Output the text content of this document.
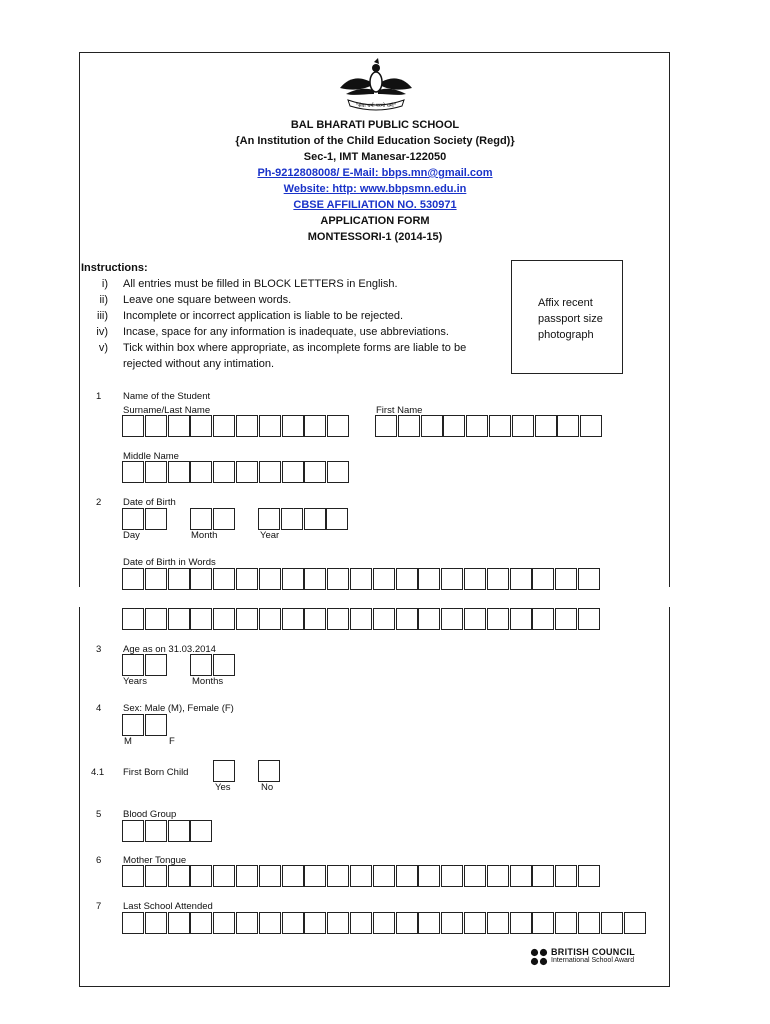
"सेवा धर्मः परमो धर्मः"
BAL BHARATI PUBLIC SCHOOL
{An Institution of the Child Education Society (Regd)}
Sec-1, IMT Manesar-122050
Ph-9212808008/ E-Mail: bbps.mn@gmail.com
Website: http: www.bbpsmn.edu.in
CBSE AFFILIATION NO. 530971
APPLICATION FORM
MONTESSORI-1 (2014-15)
Instructions:
i) All entries must be filled in BLOCK LETTERS in English.
ii) Leave one square between words.
iii) Incomplete or incorrect application is liable to be rejected.
iv) Incase, space for any information is inadequate, use abbreviations.
v) Tick within box where appropriate, as incomplete forms are liable to be
rejected without any intimation.
Affix recent
passport size
photograph
1 Name of the Student
Surname/Last Name	First Name
Middle Name
2 Date of Birth
Day	Month	Year
Date of Birth in Words
3 Age as on 31.03.2014
Years	Months
4 Sex: Male (M), Female (F)
M	F
4.1 First Born Child
Yes	No
5 Blood Group
6 Mother Tongue
7 Last School Attended
BRITISH COUNCIL
International School Award
